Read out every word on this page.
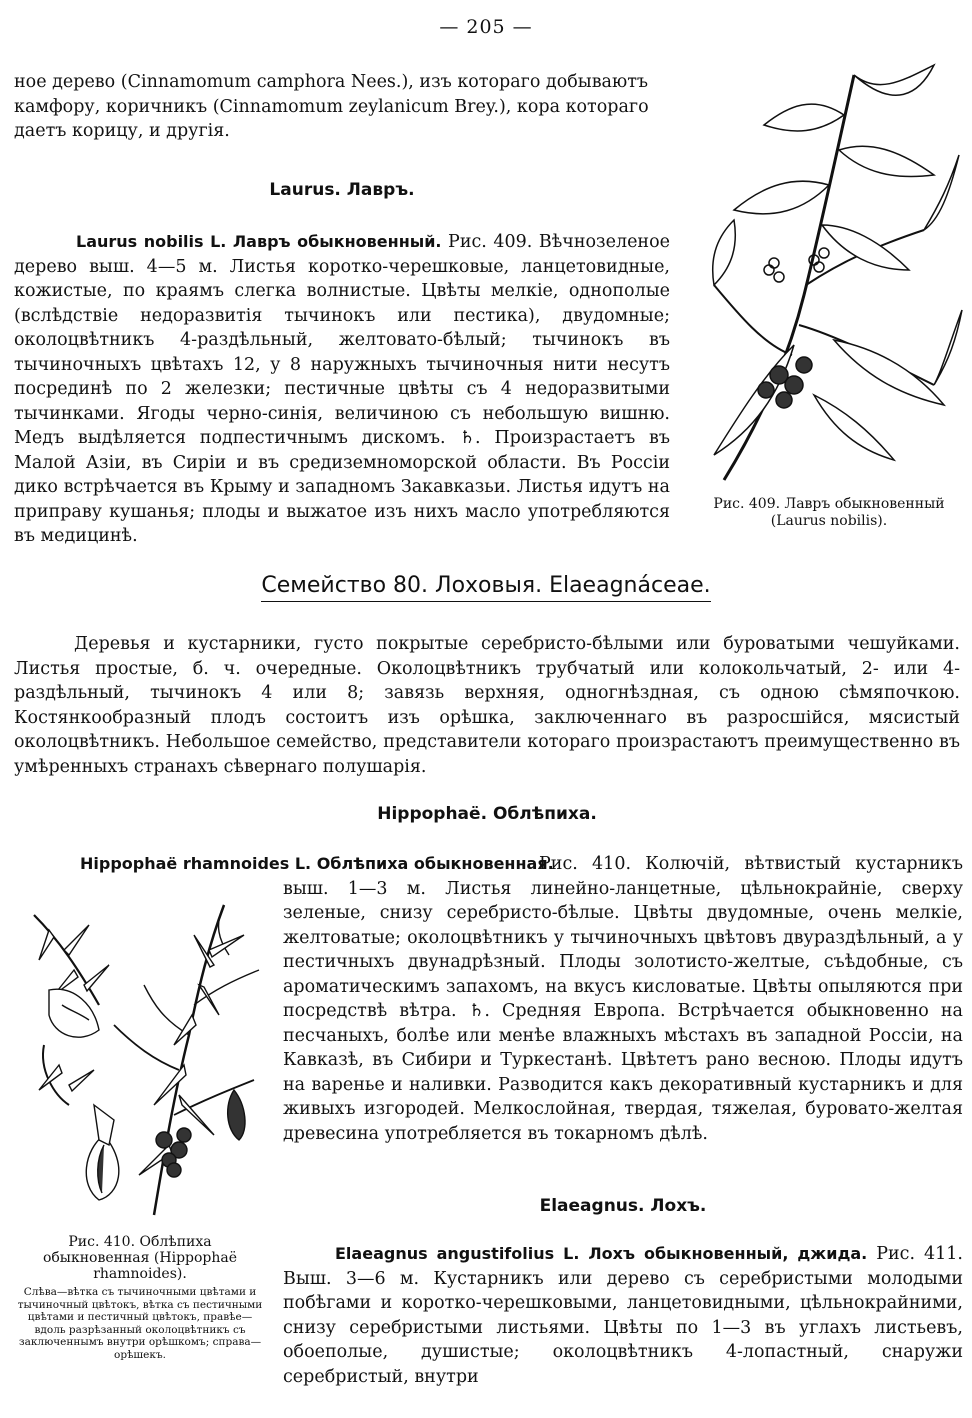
— 205 —

ное дерево (Cinnamomum camphora Nees.), изъ котораго добываютъ камфору, коричникъ (Cinnamomum zeylanicum Brey.), кора котораго даетъ корицу, и другія.

Laurus. Лавръ.

Laurus nobilis L. Лавръ обыкновенный. Рис. 409. Вѣчнозеленое дерево выш. 4—5 м. Листья коротко-черешковые, ланцетовидные, кожистые, по краямъ слегка волнистые. Цвѣты мелкіе, однополые (вслѣдствіе недоразвитія тычинокъ или пестика), двудомные; околоцвѣтникъ 4-раздѣльный, желтовато-бѣлый; тычинокъ въ тычиночныхъ цвѣтахъ 12, у 8 наружныхъ тычиночныя нити несутъ посрединѣ по 2 железки; пестичные цвѣты съ 4 недоразвитыми тычинками. Ягоды черно-синія, величиною съ небольшую вишню. Медъ выдѣляется подпестичнымъ дискомъ. ♄. Произрастаетъ въ Малой Азіи, въ Сиріи и въ средиземноморской области. Въ Россіи дико встрѣчается въ Крыму и западномъ Закавказьи. Листья идутъ на приправу кушанья; плоды и выжатое изъ нихъ масло употребляются въ медицинѣ.

Рис. 409. Лавръ обыкновенный (Laurus nobilis).
Семейство 80. Лоховыя. Elaeagnáceae.

Деревья и кустарники, густо покрытые серебристо-бѣлыми или буроватыми чешуйками. Листья простые, б. ч. очередные. Околоцвѣтникъ трубчатый или колокольчатый, 2- или 4-раздѣльный, тычинокъ 4 или 8; завязь верхняя, одногнѣздная, съ одною сѣмяпочкою. Костянкообразный плодъ состоитъ изъ орѣшка, заключеннаго въ разросшійся, мясистый околоцвѣтникъ. Небольшое семейство, представители котораго произрастаютъ преимущественно въ умѣренныхъ странахъ сѣвернаго полушарія.

Hippophaë. Облѣпиха.
Hippophaë rhamnoides L. Облѣпиха обыкновенная.

Рис. 410. Колючій, вѣтвистый кустарникъ выш. 1—3 м. Листья линейно-ланцетные, цѣльнокрайніе, сверху зеленые, снизу серебристо-бѣлые. Цвѣты двудомные, очень мелкіе, желтоватые; околоцвѣтникъ у тычиночныхъ цвѣтовъ двураздѣльный, а у пестичныхъ двунадрѣзный. Плоды золотисто-желтые, съѣдобные, съ ароматическимъ запахомъ, на вкусъ кисловатые. Цвѣты опыляются при посредствѣ вѣтра. ♄. Средняя Европа. Встрѣчается обыкновенно на песчаныхъ, болѣе или менѣе влажныхъ мѣстахъ въ западной Россіи, на Кавказѣ, въ Сибири и Туркестанѣ. Цвѣтетъ рано весною. Плоды идутъ на варенье и наливки. Разводится какъ декоративный кустарникъ и для живыхъ изгородей. Мелкослойная, твердая, тяжелая, буровато-желтая древесина употребляется въ токарномъ дѣлѣ.

Рис. 410. Облѣпиха обыкновенная (Hippophaë rhamnoides).
Слѣва—вѣтка съ тычиночными цвѣтами и тычиночный цвѣтокъ, вѣтка съ пестичными цвѣтами и пестичный цвѣтокъ, правѣе—вдоль разрѣзанный околоцвѣтникъ съ заключеннымъ внутри орѣшкомъ; справа—орѣшекъ.
Elaeagnus. Лохъ.

Elaeagnus angustifolius L. Лохъ обыкновенный, джида. Рис. 411. Выш. 3—6 м. Кустарникъ или дерево съ серебристыми молодыми побѣгами и коротко-черешковыми, ланцетовидными, цѣльнокрайними, снизу серебристыми листьями. Цвѣты по 1—3 въ углахъ листьевъ, обоеполые, душистые; околоцвѣтникъ 4-лопастный, снаружи серебристый, внутри
